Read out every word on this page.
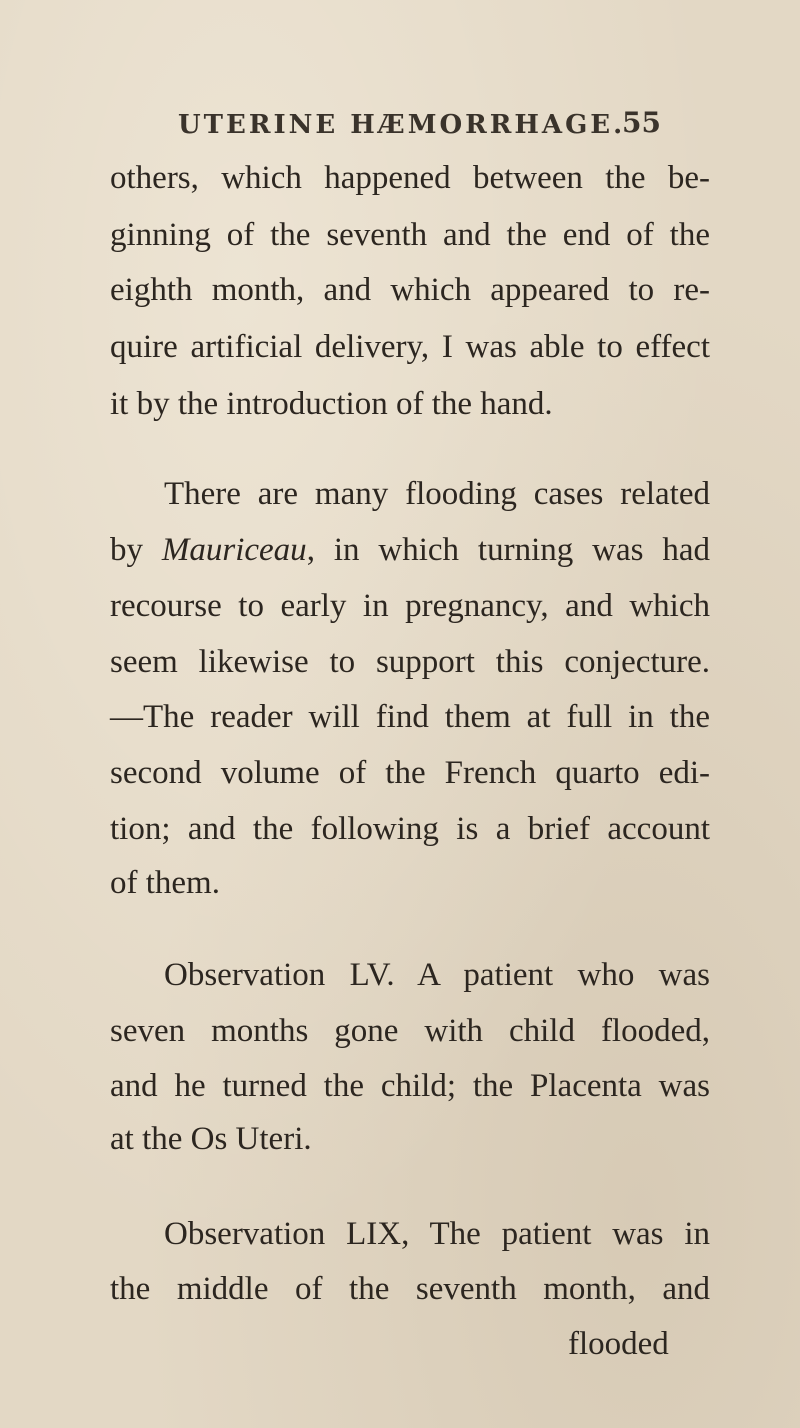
UTERINE HÆMORRHAGE.
55
others, which happened between the be-
ginning of the seventh and the end of the
eighth month, and which appeared to re-
quire artificial delivery, I was able to effect
it by the introduction of the hand.
There are many flooding cases related
by Mauriceau, in which turning was had
recourse to early in pregnancy, and which
seem likewise to support this conjecture.
—The reader will find them at full in the
second volume of the French quarto edi-
tion; and the following is a brief account
of them.
Observation LV. A patient who was
seven months gone with child flooded,
and he turned the child; the Placenta was
at the Os Uteri.
Observation LIX, The patient was in
the middle of the seventh month, and
flooded
